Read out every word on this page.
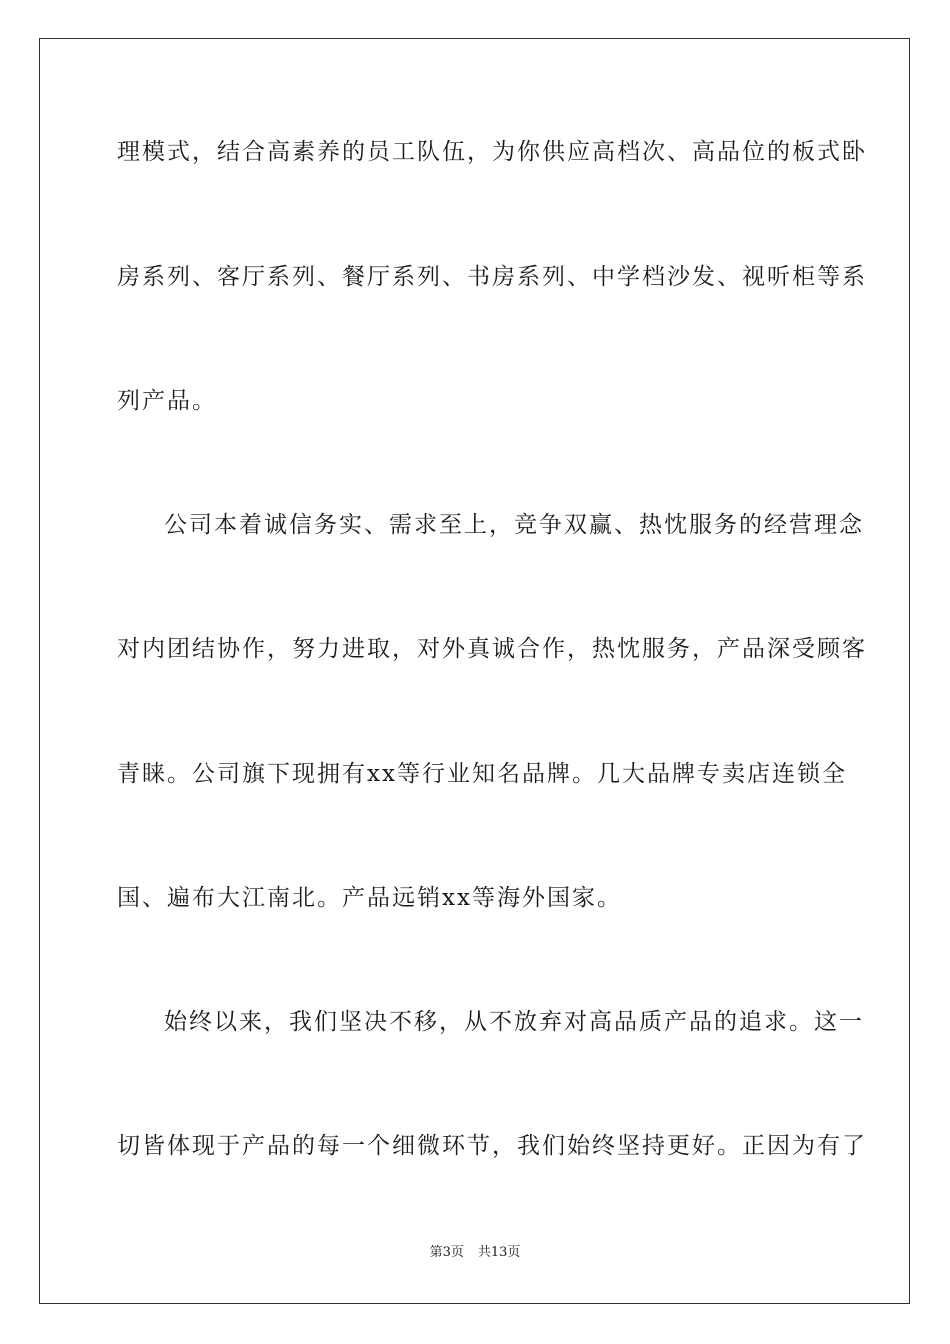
理模式，结合高素养的员工队伍，为你供应高档次、高品位的板式卧
房系列、客厅系列、餐厅系列、书房系列、中学档沙发、视听柜等系
列产品。
公司本着诚信务实、需求至上，竞争双赢、热忱服务的经营理念
对内团结协作，努力进取，对外真诚合作，热忱服务，产品深受顾客
青睐。公司旗下现拥有xx等行业知名品牌。几大品牌专卖店连锁全
国、遍布大江南北。产品远销xx等海外国家。
始终以来，我们坚决不移，从不放弃对高品质产品的追求。这一
切皆体现于产品的每一个细微环节，我们始终坚持更好。正因为有了
第3页 共13页
